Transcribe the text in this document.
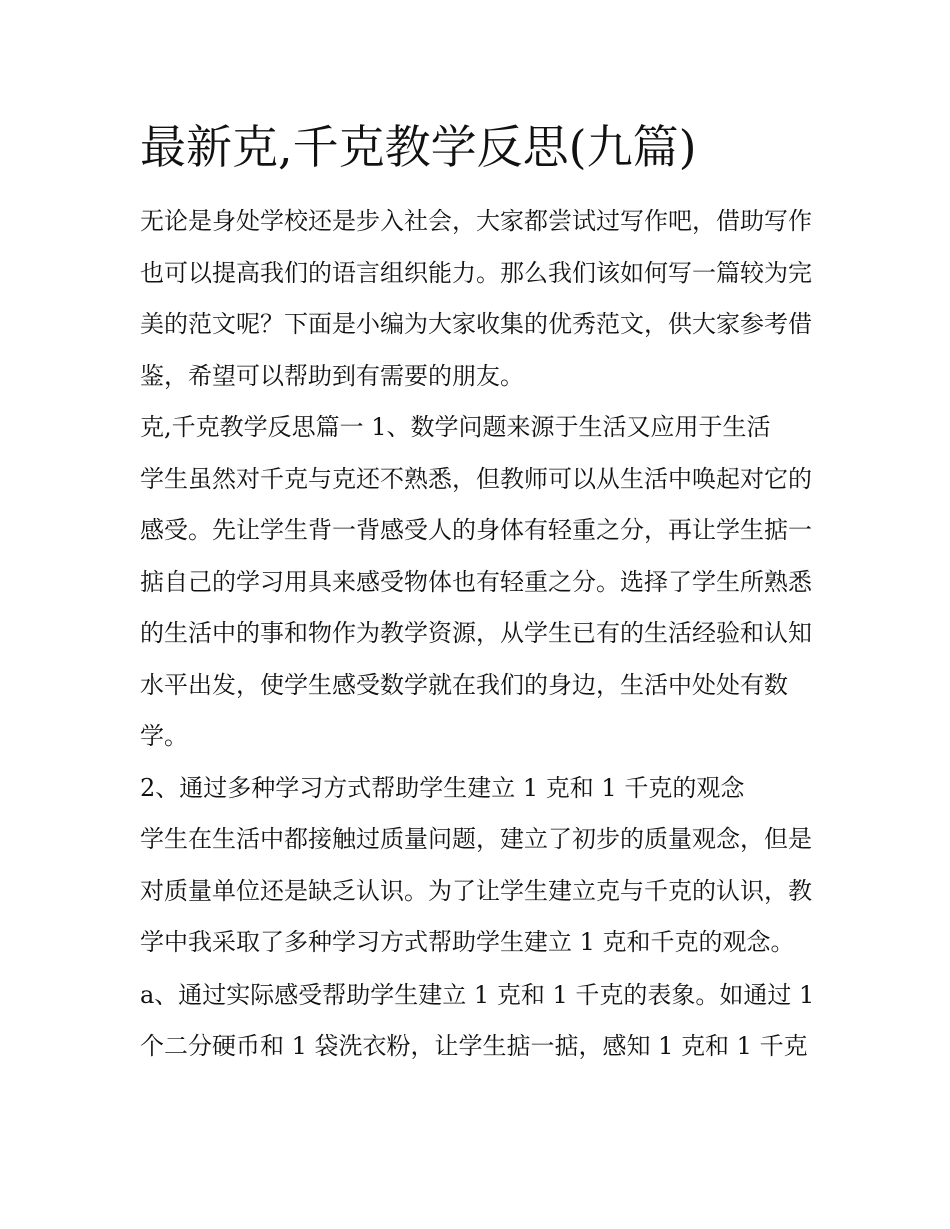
最新克,千克教学反思(九篇)

无论是身处学校还是步入社会，大家都尝试过写作吧，借助写作也可以提高我们的语言组织能力。那么我们该如何写一篇较为完美的范文呢？下面是小编为大家收集的优秀范文，供大家参考借鉴，希望可以帮助到有需要的朋友。

克,千克教学反思篇一 1、数学问题来源于生活又应用于生活

学生虽然对千克与克还不熟悉，但教师可以从生活中唤起对它的感受。先让学生背一背感受人的身体有轻重之分，再让学生掂一掂自己的学习用具来感受物体也有轻重之分。选择了学生所熟悉的生活中的事和物作为教学资源，从学生已有的生活经验和认知水平出发，使学生感受数学就在我们的身边，生活中处处有数学。

2、通过多种学习方式帮助学生建立 1 克和 1 千克的观念

学生在生活中都接触过质量问题，建立了初步的质量观念，但是对质量单位还是缺乏认识。为了让学生建立克与千克的认识，教学中我采取了多种学习方式帮助学生建立 1 克和千克的观念。

a、通过实际感受帮助学生建立 1 克和 1 千克的表象。如通过 1 个二分硬币和 1 袋洗衣粉，让学生掂一掂，感知 1 克和 1 千克
